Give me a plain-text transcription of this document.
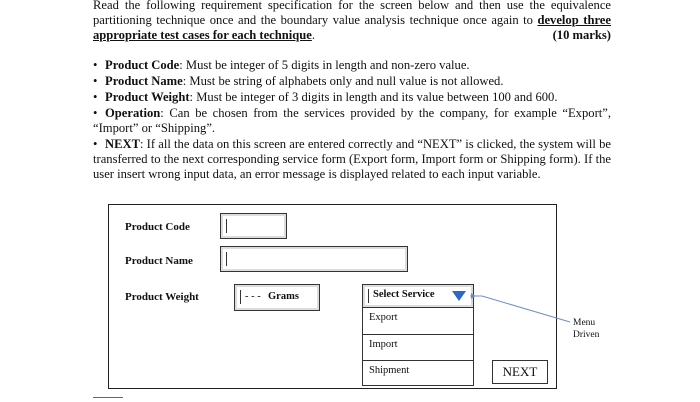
Read the following requirement specification for the screen below and then use the equivalence partitioning technique once and the boundary value analysis technique once again to develop three appropriate test cases for each technique.	(10 marks)
• Product Code: Must be integer of 5 digits in length and non-zero value.
• Product Name: Must be string of alphabets only and null value is not allowed.
• Product Weight: Must be integer of 3 digits in length and its value between 100 and 600.
• Operation: Can be chosen from the services provided by the company, for example “Export”, “Import” or “Shipping”.
• NEXT: If all the data on this screen are entered correctly and “NEXT” is clicked, the system will be transferred to the next corresponding service form (Export form, Import form or Shipping form). If the user insert wrong input data, an error message is displayed related to each input variable.
Product Code
Product Name
Product Weight	- - - Grams	Select Service
Export
Import
Shipment	NEXT
Menu
Driven
